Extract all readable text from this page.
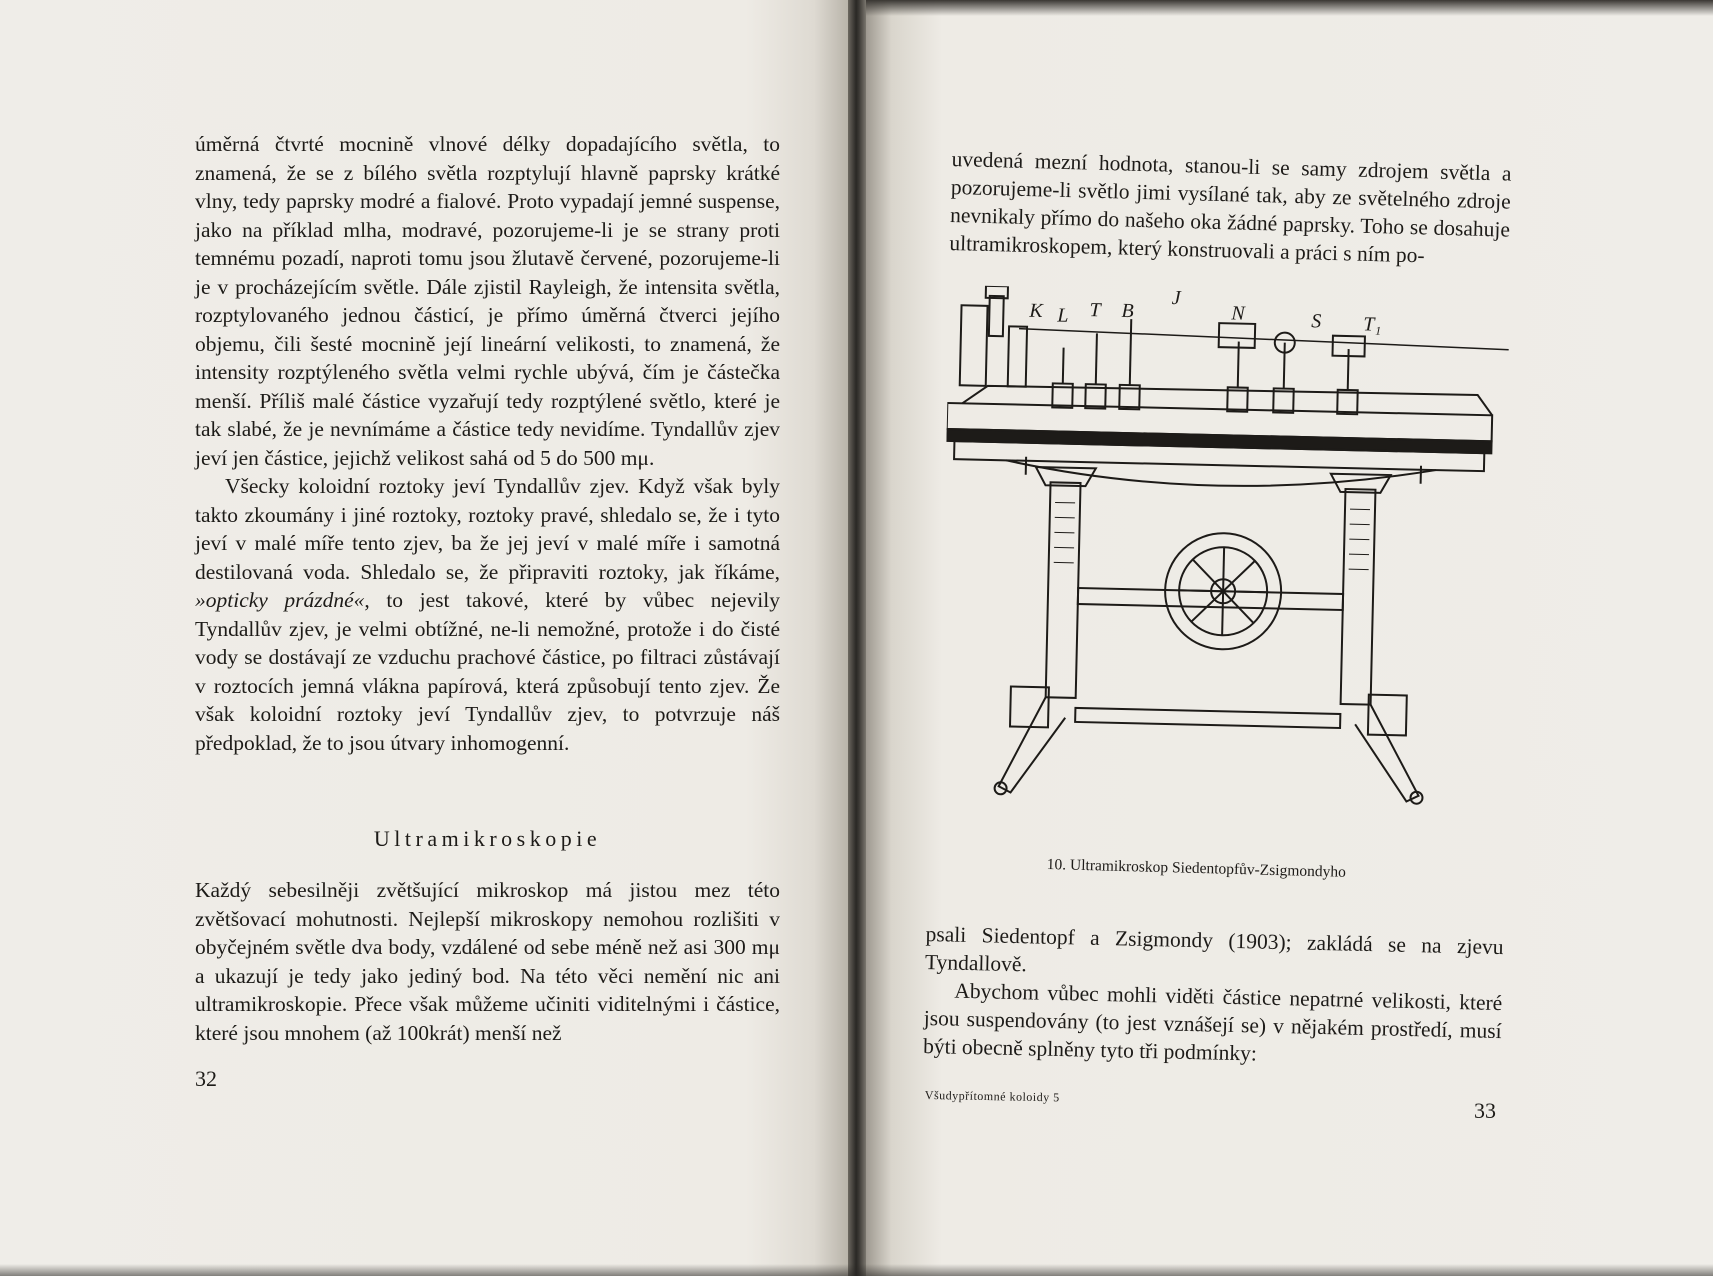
úměrná čtvrté mocnině vlnové délky dopadajícího světla, to znamená, že se z bílého světla rozptylují hlavně paprsky krátké vlny, tedy paprsky modré a fialové. Proto vypadají jemné suspense, jako na příklad mlha, modravé, pozorujeme-li je se strany proti temnému pozadí, naproti tomu jsou žlutavě červené, pozorujeme-li je v procházejícím světle. Dále zjistil Rayleigh, že intensita světla, rozptylovaného jednou částicí, je přímo úměrná čtverci jejího objemu, čili šesté mocnině její lineární velikosti, to znamená, že intensity rozptýleného světla velmi rychle ubývá, čím je částečka menší. Příliš malé částice vyzařují tedy rozptýlené světlo, které je tak slabé, že je nevnímáme a částice tedy nevidíme. Tyndallův zjev jeví jen částice, jejichž velikost sahá od 5 do 500 mμ.

Všecky koloidní roztoky jeví Tyndallův zjev. Když však byly takto zkoumány i jiné roztoky, roztoky pravé, shledalo se, že i tyto jeví v malé míře tento zjev, ba že jej jeví v malé míře i samotná destilovaná voda. Shledalo se, že připraviti roztoky, jak říkáme, »opticky prázdné«, to jest takové, které by vůbec nejevily Tyndallův zjev, je velmi obtížné, ne-li nemožné, protože i do čisté vody se dostávají ze vzduchu prachové částice, po filtraci zůstávají v roztocích jemná vlákna papírová, která způsobují tento zjev. Že však koloidní roztoky jeví Tyndallův zjev, to potvrzuje náš předpoklad, že to jsou útvary inhomogenní.

Ultramikroskopie

Každý sebesilněji zvětšující mikroskop má jistou mez této zvětšovací mohutnosti. Nejlepší mikroskopy nemohou rozlišiti v obyčejném světle dva body, vzdálené od sebe méně než asi 300 mμ a ukazují je tedy jako jediný bod. Na této věci nemění nic ani ultramikroskopie. Přece však můžeme učiniti viditelnými i částice, které jsou mnohem (až 100krát) menší než

32

uvedená mezní hodnota, stanou-li se samy zdrojem světla a pozorujeme-li světlo jimi vysílané tak, aby ze světelného zdroje nevnikaly přímo do našeho oka žádné paprsky. Toho se dosahuje ultramikroskopem, který konstruovali a práci s ním po-

K L T B
J
N	S T₁
10. Ultramikroskop Siedentopfův-Zsigmondyho

psali Siedentopf a Zsigmondy (1903); zakládá se na zjevu Tyndallově.

Abychom vůbec mohli viděti částice nepatrné velikosti, které jsou suspendovány (to jest vznášejí se) v nějakém prostředí, musí býti obecně splněny tyto tři podmínky:

Všudypřítomné koloidy 5
33
